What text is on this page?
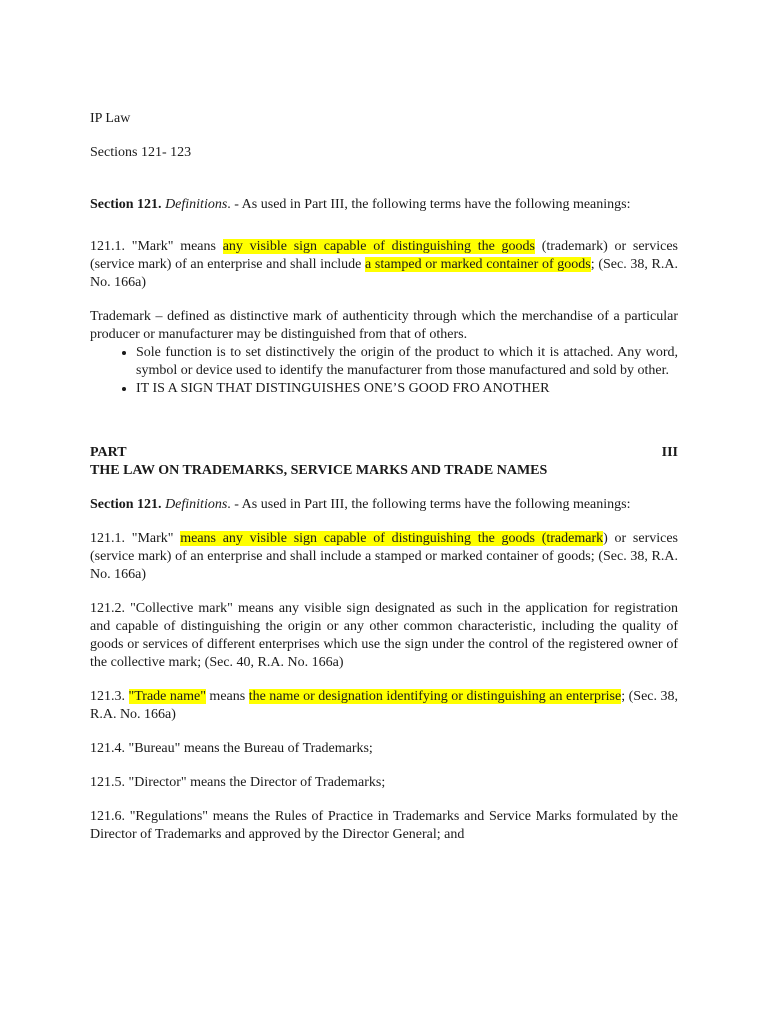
IP Law

Sections 121- 123

Section 121. Definitions. - As used in Part III, the following terms have the following meanings:

121.1. "Mark" means any visible sign capable of distinguishing the goods (trademark) or services (service mark) of an enterprise and shall include a stamped or marked container of goods; (Sec. 38, R.A. No. 166a)

Trademark – defined as distinctive mark of authenticity through which the merchandise of a particular producer or manufacturer may be distinguished from that of others.

• Sole function is to set distinctively the origin of the product to which it is attached. Any word, symbol or device used to identify the manufacturer from those manufactured and sold by other.
• IT IS A SIGN THAT DISTINGUISHES ONE’S GOOD FRO ANOTHER
PART	III

THE LAW ON TRADEMARKS, SERVICE MARKS AND TRADE NAMES

Section 121. Definitions. - As used in Part III, the following terms have the following meanings:

121.1. "Mark" means any visible sign capable of distinguishing the goods (trademark) or services (service mark) of an enterprise and shall include a stamped or marked container of goods; (Sec. 38, R.A. No. 166a)

121.2. "Collective mark" means any visible sign designated as such in the application for registration and capable of distinguishing the origin or any other common characteristic, including the quality of goods or services of different enterprises which use the sign under the control of the registered owner of the collective mark; (Sec. 40, R.A. No. 166a)

121.3. "Trade name" means the name or designation identifying or distinguishing an enterprise; (Sec. 38, R.A. No. 166a)

121.4. "Bureau" means the Bureau of Trademarks;

121.5. "Director" means the Director of Trademarks;

121.6. "Regulations" means the Rules of Practice in Trademarks and Service Marks formulated by the Director of Trademarks and approved by the Director General; and
